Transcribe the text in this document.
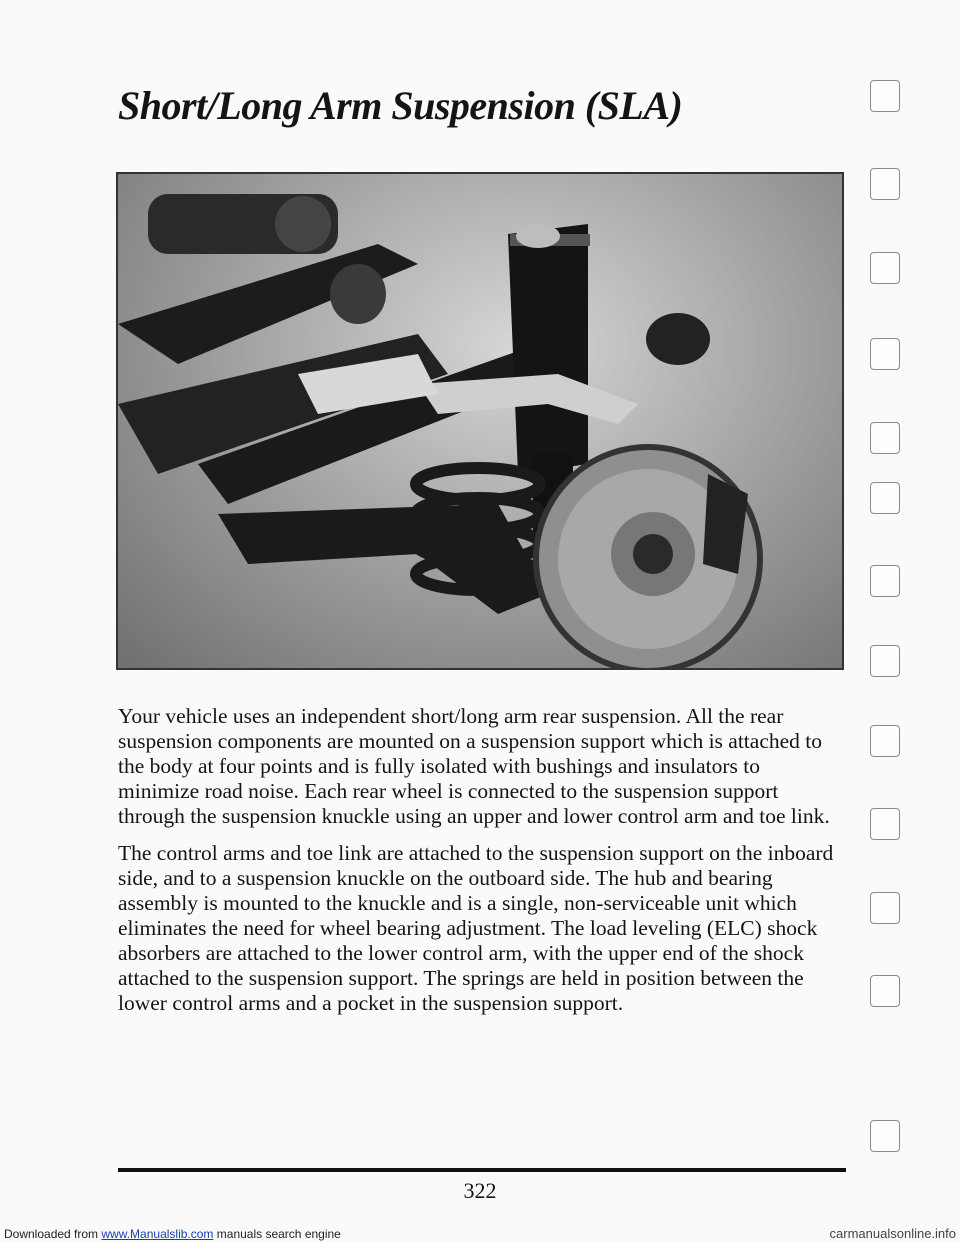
Short/Long Arm Suspension (SLA)

Your vehicle uses an independent short/long arm rear suspension. All the rear suspension components are mounted on a suspension support which is attached to the body at four points and is fully isolated with bushings and insulators to minimize road noise. Each rear wheel is connected to the suspension support through the suspension knuckle using an upper and lower control arm and toe link.

The control arms and toe link are attached to the suspension support on the inboard side, and to a suspension knuckle on the outboard side. The hub and bearing assembly is mounted to the knuckle and is a single, non-serviceable unit which eliminates the need for wheel bearing adjustment. The load leveling (ELC) shock absorbers are attached to the lower control arm, with the upper end of the shock attached to the suspension support. The springs are held in position between the lower control arms and a pocket in the suspension support.

322
Downloaded from www.Manualslib.com manuals search engine	carmanualsonline.info
